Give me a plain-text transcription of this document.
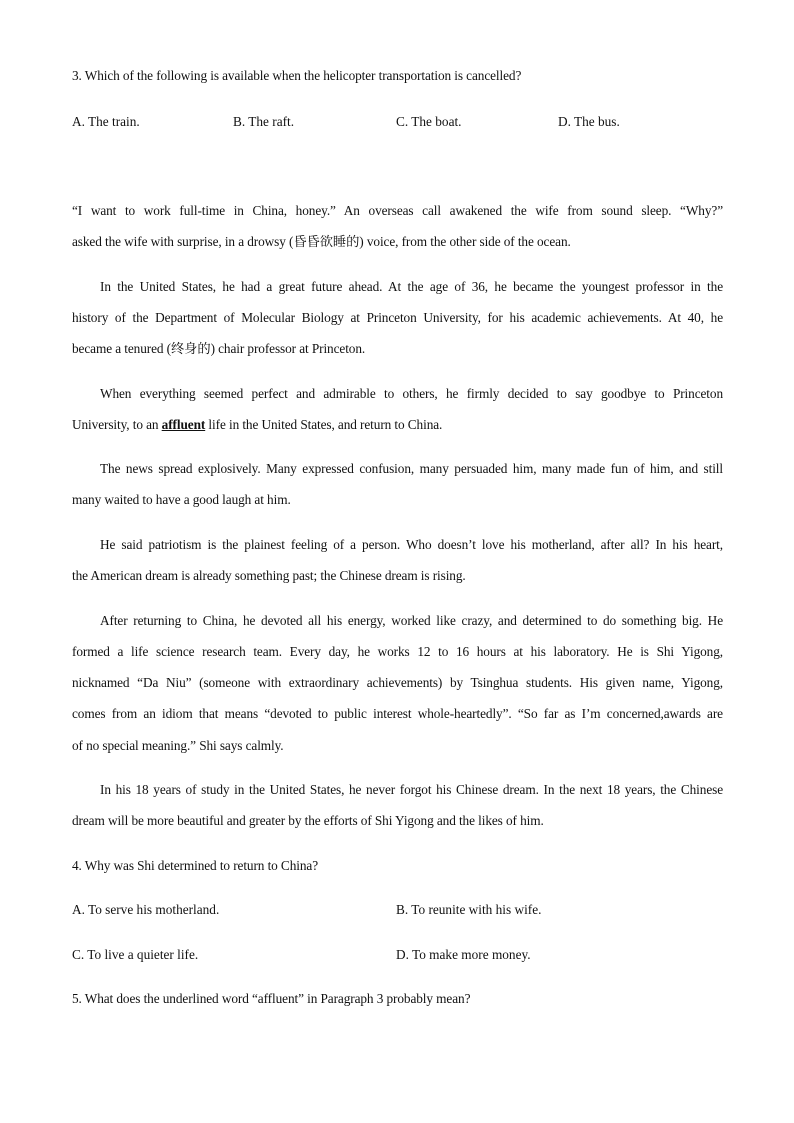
3. Which of the following is available when the helicopter transportation is cancelled?
A. The train.	B. The raft.	C. The boat.	D. The bus.
“I want to work full-time in China, honey.” An overseas call awakened the wife from sound sleep. “Why?”
asked the wife with surprise, in a drowsy (昏昏欲睡的) voice, from the other side of the ocean.
In the United States, he had a great future ahead. At the age of 36, he became the youngest professor in the
history of the Department of Molecular Biology at Princeton University, for his academic achievements. At 40, he
became a tenured (终身的) chair professor at Princeton.
When everything seemed perfect and admirable to others, he firmly decided to say goodbye to Princeton
University, to an affluent life in the United States, and return to China.
The news spread explosively. Many expressed confusion, many persuaded him, many made fun of him, and still
many waited to have a good laugh at him.
He said patriotism is the plainest feeling of a person. Who doesn’t love his motherland, after all? In his heart,
the American dream is already something past; the Chinese dream is rising.
After returning to China, he devoted all his energy, worked like crazy, and determined to do something big. He
formed a life science research team. Every day, he works 12 to 16 hours at his laboratory. He is Shi Yigong,
nicknamed “Da Niu” (someone with extraordinary achievements) by Tsinghua students. His given name, Yigong,
comes from an idiom that means “devoted to public interest whole-heartedly”. “So far as I’m concerned,awards are
of no special meaning.” Shi says calmly.
In his 18 years of study in the United States, he never forgot his Chinese dream. In the next 18 years, the Chinese
dream will be more beautiful and greater by the efforts of Shi Yigong and the likes of him.
4. Why was Shi determined to return to China?
A. To serve his motherland.	B. To reunite with his wife.
C. To live a quieter life.	D. To make more money.
5. What does the underlined word “affluent” in Paragraph 3 probably mean?
